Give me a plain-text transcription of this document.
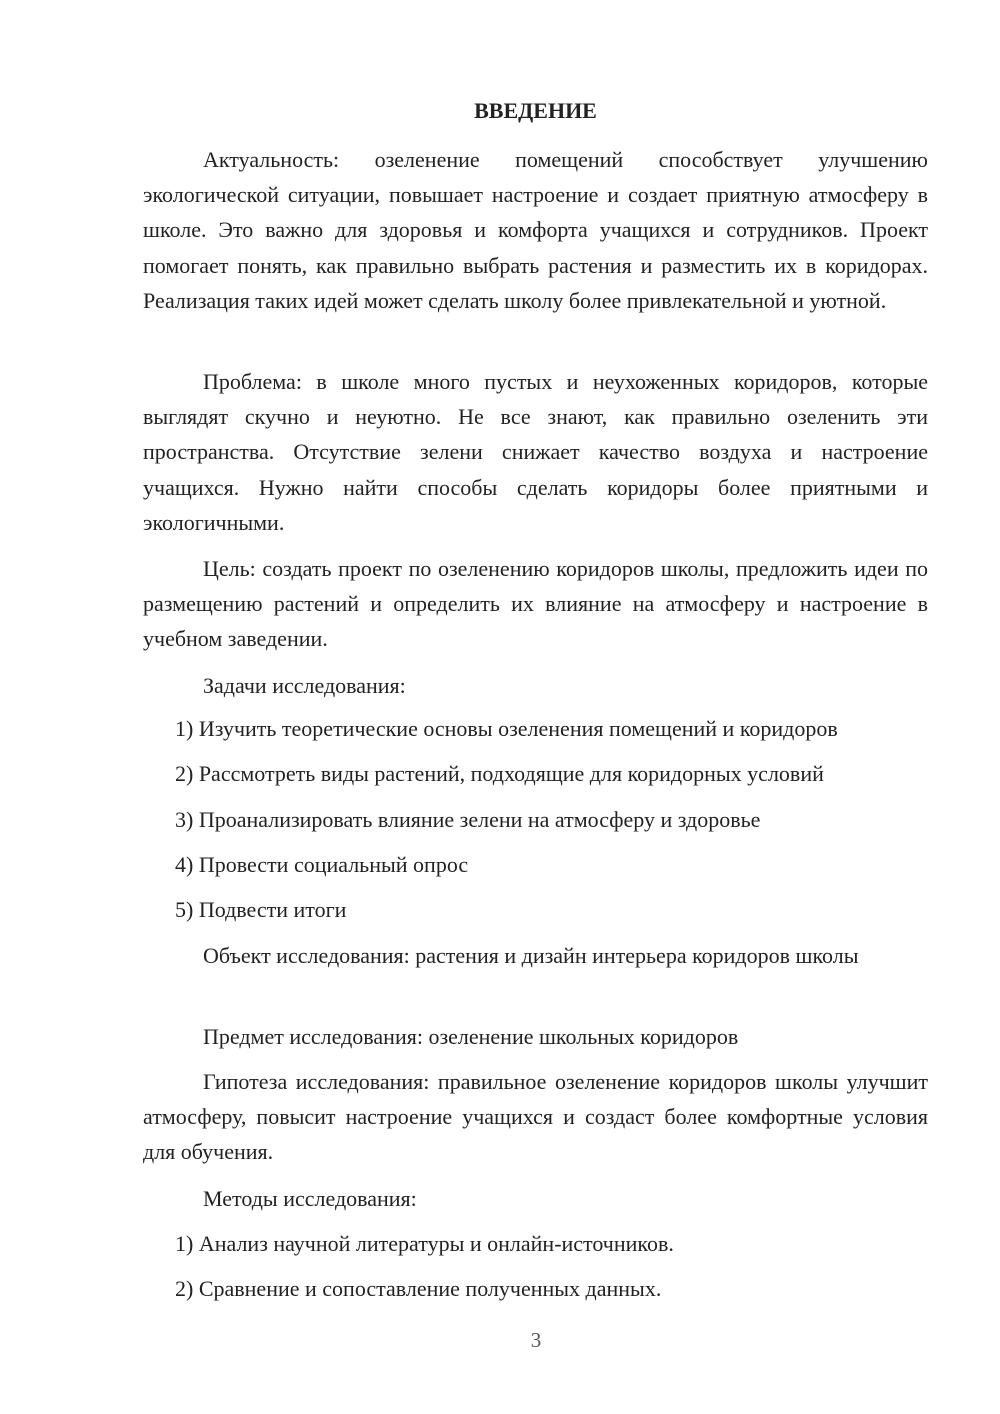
ВВЕДЕНИЕ

Актуальность: озеленение помещений способствует улучшению экологической ситуации, повышает настроение и создает приятную атмосферу в школе. Это важно для здоровья и комфорта учащихся и сотрудников. Проект помогает понять, как правильно выбрать растения и разместить их в коридорах. Реализация таких идей может сделать школу более привлекательной и уютной.

Проблема: в школе много пустых и неухоженных коридоров, которые выглядят скучно и неуютно. Не все знают, как правильно озеленить эти пространства. Отсутствие зелени снижает качество воздуха и настроение учащихся. Нужно найти способы сделать коридоры более приятными и экологичными.

Цель: создать проект по озеленению коридоров школы, предложить идеи по размещению растений и определить их влияние на атмосферу и настроение в учебном заведении.

Задачи исследования:

1) Изучить теоретические основы озеленения помещений и коридоров

2) Рассмотреть виды растений, подходящие для коридорных условий

3) Проанализировать влияние зелени на атмосферу и здоровье

4) Провести социальный опрос

5) Подвести итоги

Объект исследования: растения и дизайн интерьера коридоров школы

Предмет исследования: озеленение школьных коридоров

Гипотеза исследования: правильное озеленение коридоров школы улучшит атмосферу, повысит настроение учащихся и создаст более комфортные условия для обучения.

Методы исследования:

1) Анализ научной литературы и онлайн-источников.

2) Сравнение и сопоставление полученных данных.

3
